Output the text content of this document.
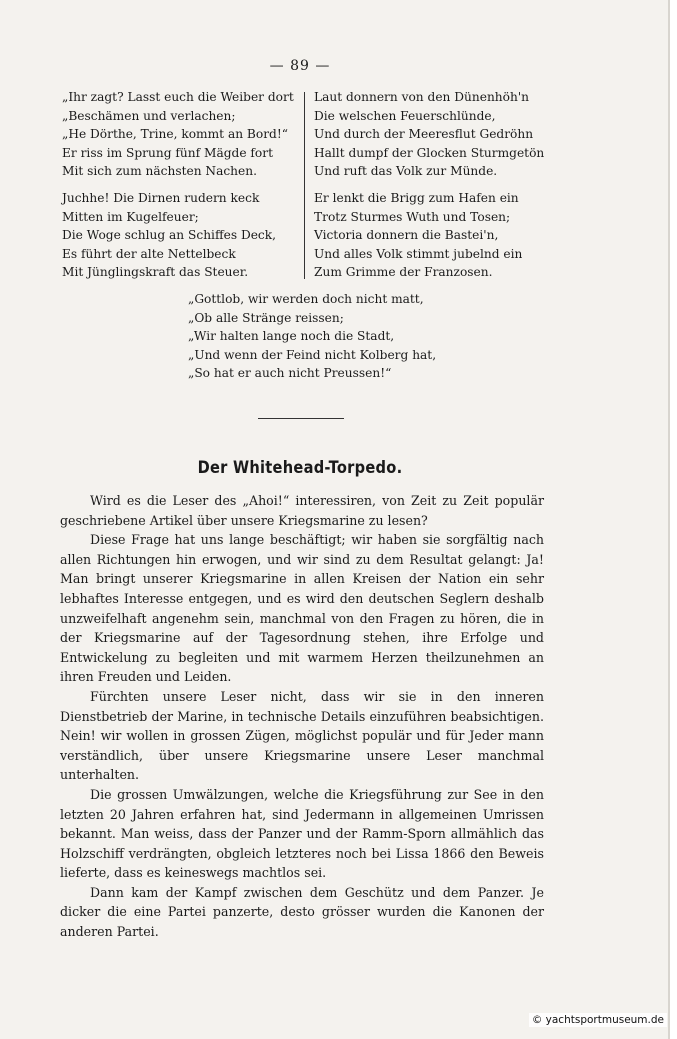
— 89 —
„Ihr zagt? Lasst euch die Weiber dort
„Beschämen und verlachen;
„He Dörthe, Trine, kommt an Bord!“
Er riss im Sprung fünf Mägde fort
Mit sich zum nächsten Nachen.
Juchhe! Die Dirnen rudern keck
Mitten im Kugelfeuer;
Die Woge schlug an Schiffes Deck,
Es führt der alte Nettelbeck
Mit Jünglingskraft das Steuer.
Laut donnern von den Dünenhöh'n
Die welschen Feuerschlünde,
Und durch der Meeresflut Gedröhn
Hallt dumpf der Glocken Sturmgetön
Und ruft das Volk zur Münde.
Er lenkt die Brigg zum Hafen ein
Trotz Sturmes Wuth und Tosen;
Victoria donnern die Bastei'n,
Und alles Volk stimmt jubelnd ein
Zum Grimme der Franzosen.
„Gottlob, wir werden doch nicht matt,
„Ob alle Stränge reissen;
„Wir halten lange noch die Stadt,
„Und wenn der Feind nicht Kolberg hat,
„So hat er auch nicht Preussen!“
Der Whitehead-Torpedo.

Wird es die Leser des „Ahoi!“ interessiren, von Zeit zu Zeit populär geschriebene Artikel über unsere Kriegsmarine zu lesen?

Diese Frage hat uns lange beschäftigt; wir haben sie sorgfältig nach allen Richtungen hin erwogen, und wir sind zu dem Resultat gelangt: Ja! Man bringt unserer Kriegsmarine in allen Kreisen der Nation ein sehr lebhaftes Interesse entgegen, und es wird den deutschen Seglern deshalb unzweifelhaft angenehm sein, manchmal von den Fragen zu hören, die in der Kriegsmarine auf der Tagesordnung stehen, ihre Erfolge und Entwickelung zu begleiten und mit warmem Herzen theilzunehmen an ihren Freuden und Leiden.

Fürchten unsere Leser nicht, dass wir sie in den inneren Dienstbetrieb der Marine, in technische Details einzuführen beabsichtigen. Nein! wir wollen in grossen Zügen, möglichst populär und für Jeder mann verständlich, über unsere Kriegsmarine unsere Leser manchmal unterhalten.

Die grossen Umwälzungen, welche die Kriegsführung zur See in den letzten 20 Jahren erfahren hat, sind Jedermann in allgemeinen Umrissen bekannt. Man weiss, dass der Panzer und der Ramm-Sporn allmählich das Holzschiff verdrängten, obgleich letzteres noch bei Lissa 1866 den Beweis lieferte, dass es keineswegs machtlos sei.

Dann kam der Kampf zwischen dem Geschütz und dem Panzer. Je dicker die eine Partei panzerte, desto grösser wurden die Kanonen der anderen Partei.

© yachtsportmuseum.de
